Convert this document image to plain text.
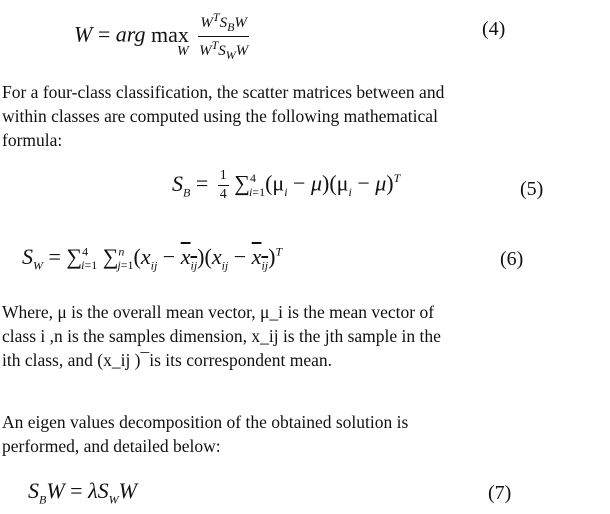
W = arg max
W
$\frac{W^TS_BW}{W^TS_WW}$	(4)
For a four-class classification, the scatter matrices between and
within classes are computed using the following mathematical
formula:
$S_B = \frac{1}{4} \sum^4_{i=1}(\mu_i - \mu)(\mu_i - \mu)^T$	(5)
$S_W = \sum^4_{i=1}$ $\sum^n_{j=1}(x_{ij} - x_{ij})(x_{ij} - x_{ij})^T$	(6)
Where, μ is the overall mean vector, μ_i is the mean vector of
class i ,n is the samples dimension, x_ij is the jth sample in the
ith class, and (x_ij )¯is its correspondent mean.
An eigen values decomposition of the obtained solution is
performed, and detailed below:
$S_BW = \lambda S_WW$	(7)
